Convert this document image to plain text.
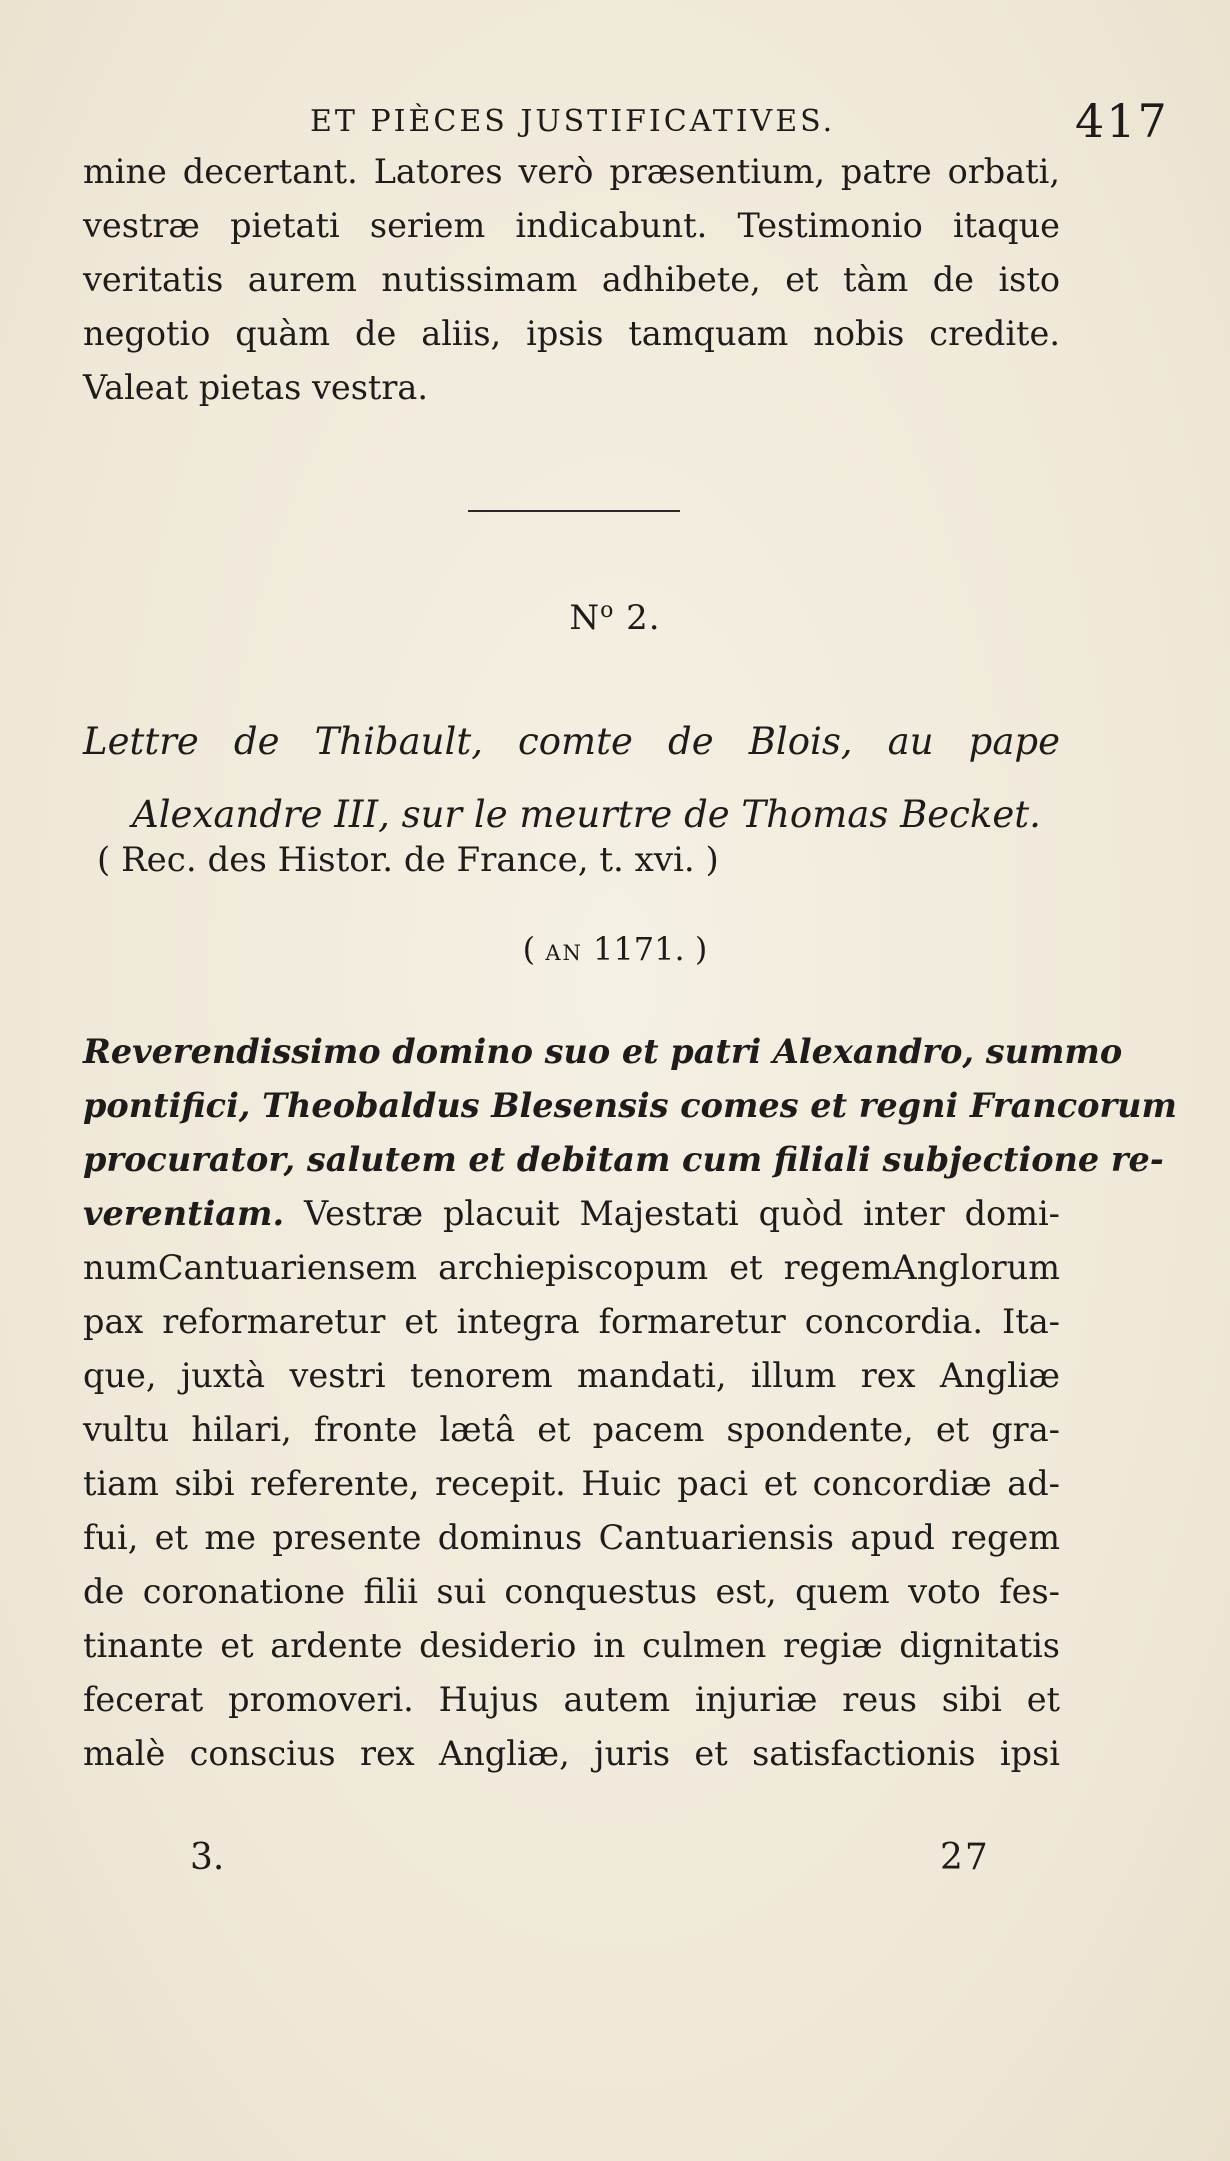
ET PIÈCES JUSTIFICATIVES.	417
mine decertant. Latores verò præsentium, patre orbati,
vestræ pietati seriem indicabunt. Testimonio itaque
veritatis aurem nutissimam adhibete, et tàm de isto
negotio quàm de aliis, ipsis tamquam nobis credite.
Valeat pietas vestra.
$N^o$ 2.
Lettre de Thibault, comte de Blois, au pape
Alexandre III, sur le meurtre de Thomas Becket.
( Rec. des Histor. de France, t. xvi. )
( AN 1171. )
Reverendissimo domino suo et patri Alexandro, summo
pontifici, Theobaldus Blesensis comes et regni Francorum
procurator, salutem et debitam cum filiali subjectione re-
verentiam. Vestræ placuit Majestati quòd inter domi-
numCantuariensem archiepiscopum et regemAnglorum
pax reformaretur et integra formaretur concordia. Ita-
que, juxtà vestri tenorem mandati, illum rex Angliæ
vultu hilari, fronte lætâ et pacem spondente, et gra-
tiam sibi referente, recepit. Huic paci et concordiæ ad-
fui, et me presente dominus Cantuariensis apud regem
de coronatione filii sui conquestus est, quem voto fes-
tinante et ardente desiderio in culmen regiæ dignitatis
fecerat promoveri. Hujus autem injuriæ reus sibi et
malè conscius rex Angliæ, juris et satisfactionis ipsi
3.	27
